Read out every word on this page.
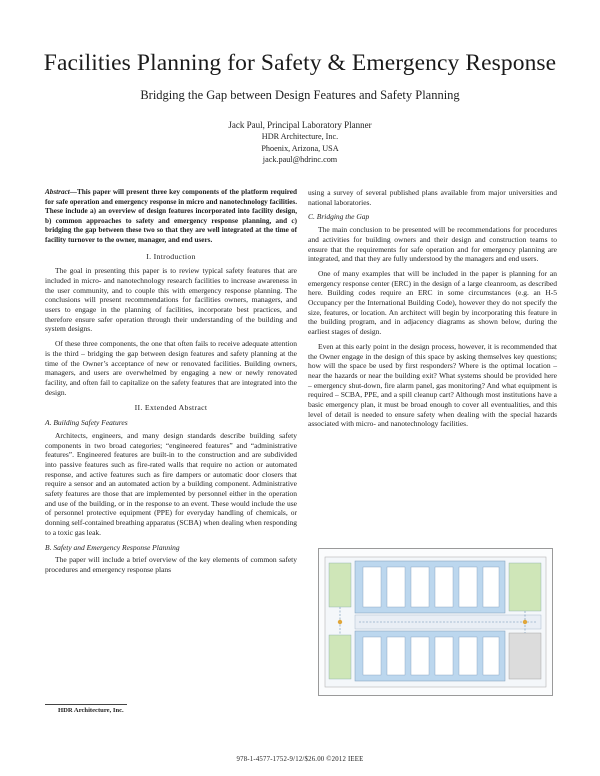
Facilities Planning for Safety & Emergency Response
Bridging the Gap between Design Features and Safety Planning
Jack Paul, Principal Laboratory Planner
HDR Architecture, Inc.
Phoenix, Arizona, USA
jack.paul@hdrinc.com
Abstract—This paper will present three key components of the platform required for safe operation and emergency response in micro and nanotechnology facilities. These include a) an overview of design features incorporated into facility design, b) common approaches to safety and emergency response planning, and c) bridging the gap between these two so that they are well integrated at the time of facility turnover to the owner, manager, and end users.
I. Introduction

The goal in presenting this paper is to review typical safety features that are included in micro- and nanotechnology research facilities to increase awareness in the user community, and to couple this with emergency response planning. The conclusions will present recommendations for facilities owners, managers, and users to engage in the planning of facilities, incorporate best practices, and therefore ensure safer operation through their understanding of the building and system designs.

Of these three components, the one that often fails to receive adequate attention is the third – bridging the gap between design features and safety planning at the time of the Owner’s acceptance of new or renovated facilities. Building owners, managers, and users are overwhelmed by engaging a new or newly renovated facility, and often fail to capitalize on the safety features that are integrated into the design.

II. Extended Abstract
A. Building Safety Features

Architects, engineers, and many design standards describe building safety components in two broad categories; “engineered features” and “administrative features”. Engineered features are built-in to the construction and are subdivided into passive features such as fire-rated walls that require no action or automated response, and active features such as fire dampers or automatic door closers that require a sensor and an automated action by a building component. Administrative safety features are those that are implemented by personnel either in the operation and use of the building, or in the response to an event. These would include the use of personnel protective equipment (PPE) for everyday handling of chemicals, or donning self-contained breathing apparatus (SCBA) when dealing when responding to a toxic gas leak.

B. Safety and Emergency Response Planning

The paper will include a brief overview of the key elements of common safety procedures and emergency response plans

using a survey of several published plans available from major universities and national laboratories.

C. Bridging the Gap

The main conclusion to be presented will be recommendations for procedures and activities for building owners and their design and construction teams to ensure that the requirements for safe operation and for emergency planning are integrated, and that they are fully understood by the managers and end users.

One of many examples that will be included in the paper is planning for an emergency response center (ERC) in the design of a large cleanroom, as described here. Building codes require an ERC in some circumstances (e.g. an H-5 Occupancy per the International Building Code), however they do not specify the size, features, or location. An architect will begin by incorporating this feature in the building program, and in adjacency diagrams as shown below, during the earliest stages of design.

Even at this early point in the design process, however, it is recommended that the Owner engage in the design of this space by asking themselves key questions; how will the space be used by first responders? Where is the optimal location – near the hazards or near the building exit? What systems should be provided here – emergency shut-down, fire alarm panel, gas monitoring? And what equipment is required – SCBA, PPE, and a spill cleanup cart? Although most institutions have a basic emergency plan, it must be broad enough to cover all eventualities, and this level of detail is needed to ensure safety when dealing with the special hazards associated with micro- and nanotechnology facilities.

HDR Architecture, Inc.
978-1-4577-1752-9/12/$26.00 ©2012 IEEE
